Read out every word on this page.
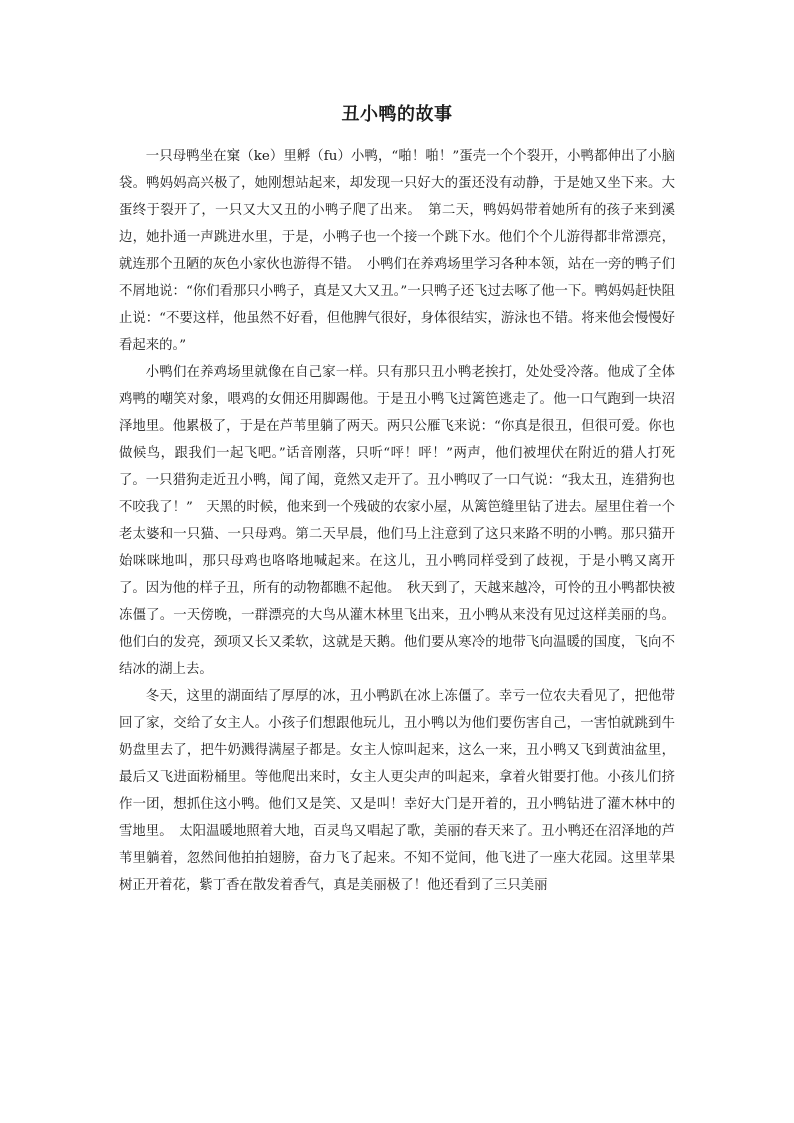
丑小鸭的故事

一只母鸭坐在窠（ke）里孵（fu）小鸭，“啪！啪！”蛋壳一个个裂开，小鸭都伸出了小脑袋。鸭妈妈高兴极了，她刚想站起来，却发现一只好大的蛋还没有动静，于是她又坐下来。大蛋终于裂开了，一只又大又丑的小鸭子爬了出来。　第二天，鸭妈妈带着她所有的孩子来到溪边，她扑通一声跳进水里，于是，小鸭子也一个接一个跳下水。他们个个儿游得都非常漂亮，就连那个丑陋的灰色小家伙也游得不错。　小鸭们在养鸡场里学习各种本领，站在一旁的鸭子们不屑地说：“你们看那只小鸭子，真是又大又丑。”一只鸭子还飞过去啄了他一下。鸭妈妈赶快阻止说：“不要这样，他虽然不好看，但他脾气很好，身体很结实，游泳也不错。将来他会慢慢好看起来的。”

小鸭们在养鸡场里就像在自己家一样。只有那只丑小鸭老挨打，处处受冷落。他成了全体鸡鸭的嘲笑对象，喂鸡的女佣还用脚踢他。于是丑小鸭飞过篱笆逃走了。他一口气跑到一块沼泽地里。他累极了，于是在芦苇里躺了两天。两只公雁飞来说：“你真是很丑，但很可爱。你也做候鸟，跟我们一起飞吧。”话音刚落，只听“呯！呯！”两声，他们被埋伏在附近的猎人打死了。一只猎狗走近丑小鸭，闻了闻，竟然又走开了。丑小鸭叹了一口气说：“我太丑，连猎狗也不咬我了！”　天黑的时候，他来到一个残破的农家小屋，从篱笆缝里钻了进去。屋里住着一个老太婆和一只猫、一只母鸡。第二天早晨，他们马上注意到了这只来路不明的小鸭。那只猫开始咪咪地叫，那只母鸡也咯咯地喊起来。在这儿，丑小鸭同样受到了歧视，于是小鸭又离开了。因为他的样子丑，所有的动物都瞧不起他。　秋天到了，天越来越冷，可怜的丑小鸭都快被冻僵了。一天傍晚，一群漂亮的大鸟从灌木林里飞出来，丑小鸭从来没有见过这样美丽的鸟。他们白的发亮，颈项又长又柔软，这就是天鹅。他们要从寒冷的地带飞向温暖的国度，飞向不结冰的湖上去。

冬天，这里的湖面结了厚厚的冰，丑小鸭趴在冰上冻僵了。幸亏一位农夫看见了，把他带回了家，交给了女主人。小孩子们想跟他玩儿，丑小鸭以为他们要伤害自己，一害怕就跳到牛奶盘里去了，把牛奶溅得满屋子都是。女主人惊叫起来，这么一来，丑小鸭又飞到黄油盆里，最后又飞进面粉桶里。等他爬出来时，女主人更尖声的叫起来，拿着火钳要打他。小孩儿们挤作一团，想抓住这小鸭。他们又是笑、又是叫！幸好大门是开着的，丑小鸭钻进了灌木林中的雪地里。　太阳温暖地照着大地，百灵鸟又唱起了歌，美丽的春天来了。丑小鸭还在沼泽地的芦苇里躺着，忽然间他拍拍翅膀，奋力飞了起来。不知不觉间，他飞进了一座大花园。这里苹果树正开着花，紫丁香在散发着香气，真是美丽极了！他还看到了三只美丽
